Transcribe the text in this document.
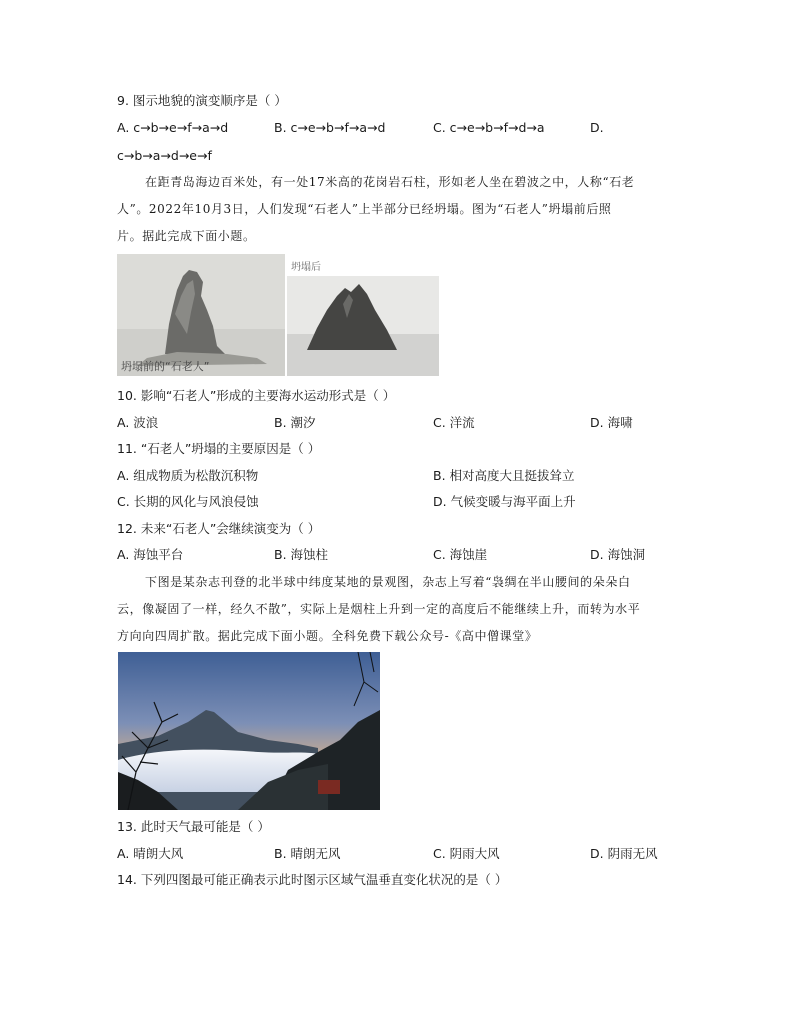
9. 图示地貌的演变顺序是（ ）
A. c→b→e→f→a→d	B. c→e→b→f→a→d	C. c→e→b→f→d→a	D.
c→b→a→d→e→f
在距青岛海边百米处，有一处17米高的花岗岩石柱，形如老人坐在碧波之中，人称“石老
人”。2022年10月3日，人们发现“石老人”上半部分已经坍塌。图为“石老人”坍塌前后照
片。据此完成下面小题。
坍塌前的“石老人”
坍塌后
10. 影响“石老人”形成的主要海水运动形式是（ ）
A. 波浪	B. 潮汐	C. 洋流	D. 海啸
11. “石老人”坍塌的主要原因是（ ）
A. 组成物质为松散沉积物	B. 相对高度大且挺拔耸立
C. 长期的风化与风浪侵蚀	D. 气候变暖与海平面上升
12. 未来“石老人”会继续演变为（ ）
A. 海蚀平台	B. 海蚀柱	C. 海蚀崖	D. 海蚀洞
下图是某杂志刊登的北半球中纬度某地的景观图，杂志上写着“袅绸在半山腰间的朵朵白
云，像凝固了一样，经久不散”，实际上是烟柱上升到一定的高度后不能继续上升，而转为水平
方向向四周扩散。据此完成下面小题。全科免费下载公众号-《高中僧课堂》
13. 此时天气最可能是（ ）
A. 晴朗大风	B. 晴朗无风	C. 阴雨大风	D. 阴雨无风
14. 下列四图最可能正确表示此时图示区域气温垂直变化状况的是（ ）
